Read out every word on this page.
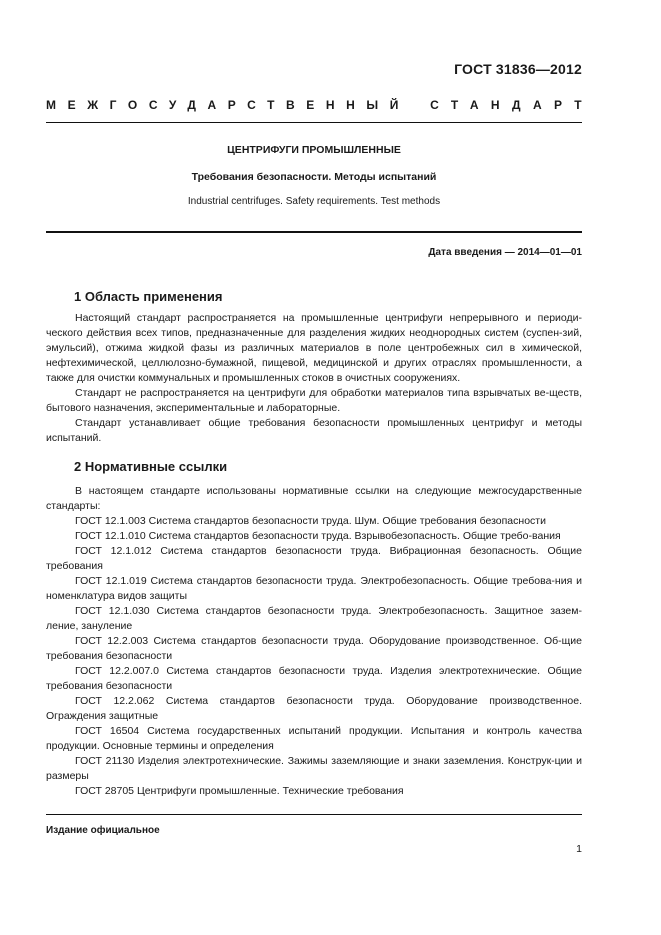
ГОСТ 31836—2012
МЕЖГОСУДАРСТВЕННЫЙ СТАНДАРТ
ЦЕНТРИФУГИ ПРОМЫШЛЕННЫЕ
Требования безопасности. Методы испытаний
Industrial centrifuges. Safety requirements. Test methods
Дата введения — 2014—01—01
1 Область применения

Настоящий стандарт распространяется на промышленные центрифуги непрерывного и периоди-ческого действия всех типов, предназначенные для разделения жидких неоднородных систем (суспен-зий, эмульсий), отжима жидкой фазы из различных материалов в поле центробежных сил в химической, нефтехимической, целлюлозно-бумажной, пищевой, медицинской и других отраслях промышленности, а также для очистки коммунальных и промышленных стоков в очистных сооружениях.

Стандарт не распространяется на центрифуги для обработки материалов типа взрывчатых ве-ществ, бытового назначения, экспериментальные и лабораторные.

Стандарт устанавливает общие требования безопасности промышленных центрифуг и методы испытаний.

2 Нормативные ссылки

В настоящем стандарте использованы нормативные ссылки на следующие межгосударственные стандарты:

ГОСТ 12.1.003 Система стандартов безопасности труда. Шум. Общие требования безопасности

ГОСТ 12.1.010 Система стандартов безопасности труда. Взрывобезопасность. Общие требо-вания

ГОСТ 12.1.012 Система стандартов безопасности труда. Вибрационная безопасность. Общие требования

ГОСТ 12.1.019 Система стандартов безопасности труда. Электробезопасность. Общие требова-ния и номенклатура видов защиты

ГОСТ 12.1.030 Система стандартов безопасности труда. Электробезопасность. Защитное зазем-ление, зануление

ГОСТ 12.2.003 Система стандартов безопасности труда. Оборудование производственное. Об-щие требования безопасности

ГОСТ 12.2.007.0 Система стандартов безопасности труда. Изделия электротехнические. Общие требования безопасности

ГОСТ 12.2.062 Система стандартов безопасности труда. Оборудование производственное. Ограждения защитные

ГОСТ 16504 Система государственных испытаний продукции. Испытания и контроль качества продукции. Основные термины и определения

ГОСТ 21130 Изделия электротехнические. Зажимы заземляющие и знаки заземления. Конструк-ции и размеры

ГОСТ 28705 Центрифуги промышленные. Технические требования

Издание официальное
1
